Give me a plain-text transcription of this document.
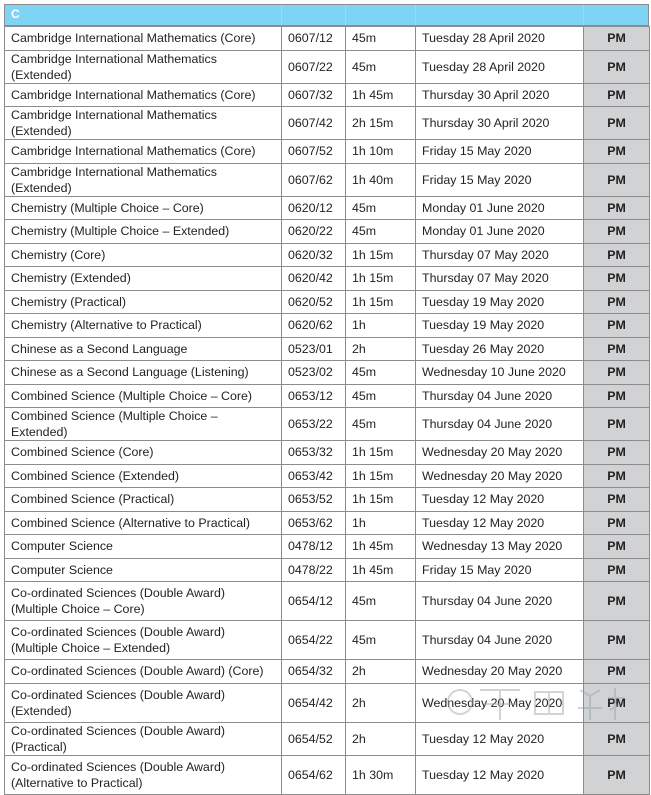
C
Cambridge International Mathematics (Core)	0607/12	45m	Tuesday 28 April 2020	PM
Cambridge International Mathematics (Extended)	0607/22	45m	Tuesday 28 April 2020	PM
Cambridge International Mathematics (Core)	0607/32	1h 45m	Thursday 30 April 2020	PM
Cambridge International Mathematics (Extended)	0607/42	2h 15m	Thursday 30 April 2020	PM
Cambridge International Mathematics (Core)	0607/52	1h 10m	Friday 15 May 2020	PM
Cambridge International Mathematics (Extended)	0607/62	1h 40m	Friday 15 May 2020	PM
Chemistry (Multiple Choice – Core)	0620/12	45m	Monday 01 June 2020	PM
Chemistry (Multiple Choice – Extended)	0620/22	45m	Monday 01 June 2020	PM
Chemistry (Core)	0620/32	1h 15m	Thursday 07 May 2020	PM
Chemistry (Extended)	0620/42	1h 15m	Thursday 07 May 2020	PM
Chemistry (Practical)	0620/52	1h 15m	Tuesday 19 May 2020	PM
Chemistry (Alternative to Practical)	0620/62	1h	Tuesday 19 May 2020	PM
Chinese as a Second Language	0523/01	2h	Tuesday 26 May 2020	PM
Chinese as a Second Language (Listening)	0523/02	45m	Wednesday 10 June 2020	PM
Combined Science (Multiple Choice – Core)	0653/12	45m	Thursday 04 June 2020	PM
Combined Science (Multiple Choice – Extended)	0653/22	45m	Thursday 04 June 2020	PM
Combined Science (Core)	0653/32	1h 15m	Wednesday 20 May 2020	PM
Combined Science (Extended)	0653/42	1h 15m	Wednesday 20 May 2020	PM
Combined Science (Practical)	0653/52	1h 15m	Tuesday 12 May 2020	PM
Combined Science (Alternative to Practical)	0653/62	1h	Tuesday 12 May 2020	PM
Computer Science	0478/12	1h 45m	Wednesday 13 May 2020	PM
Computer Science	0478/22	1h 45m	Friday 15 May 2020	PM
Co-ordinated Sciences (Double Award)
(Multiple Choice – Core)	0654/12	45m	Thursday 04 June 2020	PM
Co-ordinated Sciences (Double Award)
(Multiple Choice – Extended)	0654/22	45m	Thursday 04 June 2020	PM
Co-ordinated Sciences (Double Award) (Core)	0654/32	2h	Wednesday 20 May 2020	PM
Co-ordinated Sciences (Double Award)
(Extended)	0654/42	2h	Wednesday 20 May 2020	PM
Co-ordinated Sciences (Double Award) (Practical)	0654/52	2h	Tuesday 12 May 2020	PM
Co-ordinated Sciences (Double Award)
(Alternative to Practical)	0654/62	1h 30m	Tuesday 12 May 2020	PM
